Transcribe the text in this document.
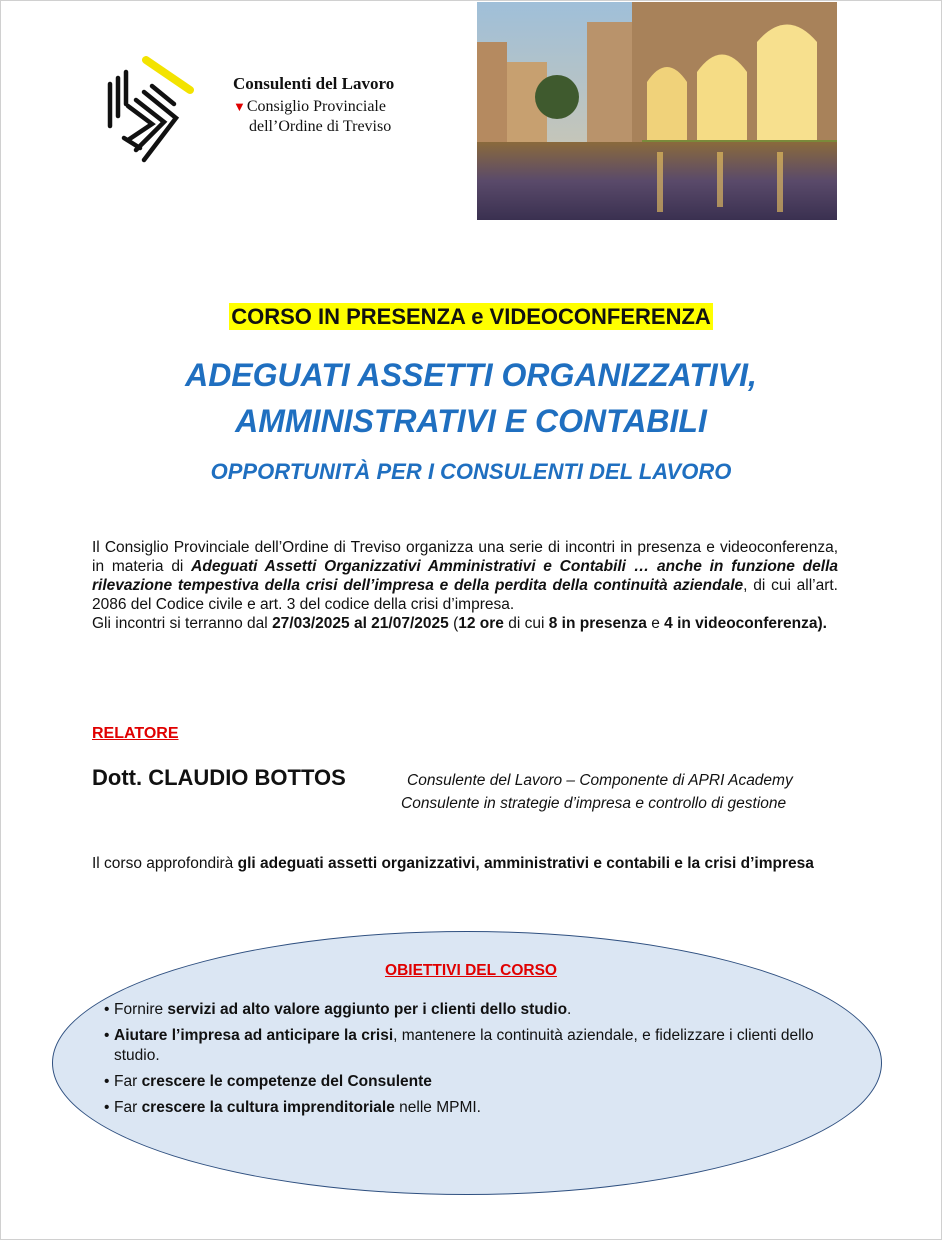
Consulenti del Lavoro
▼Consiglio Provinciale
dell’Ordine di Treviso
CORSO IN PRESENZA e VIDEOCONFERENZA
ADEGUATI ASSETTI ORGANIZZATIVI,
AMMINISTRATIVI E CONTABILI
OPPORTUNITÀ PER I CONSULENTI DEL LAVORO
Il Consiglio Provinciale dell’Ordine di Treviso organizza una serie di incontri in presenza e videoconferenza, in materia di Adeguati Assetti Organizzativi Amministrativi e Contabili … anche in funzione della rilevazione tempestiva della crisi dell’impresa e della perdita della continuità aziendale, di cui all’art. 2086 del Codice civile e art. 3 del codice della crisi d’impresa.
Gli incontri si terranno dal 27/03/2025 al 21/07/2025 (12 ore di cui 8 in presenza e 4 in videoconferenza).
RELATORE
Dott. CLAUDIO BOTTOS	Consulente del Lavoro – Componente di APRI Academy
Consulente in strategie d’impresa e controllo di gestione
Il corso approfondirà gli adeguati assetti organizzativi, amministrativi e contabili e la crisi d’impresa
OBIETTIVI DEL CORSO
• Fornire servizi ad alto valore aggiunto per i clienti dello studio.
• Aiutare l’impresa ad anticipare la crisi, mantenere la continuità aziendale, e fidelizzare i clienti dello studio.
• Far crescere le competenze del Consulente
• Far crescere la cultura imprenditoriale nelle MPMI.
